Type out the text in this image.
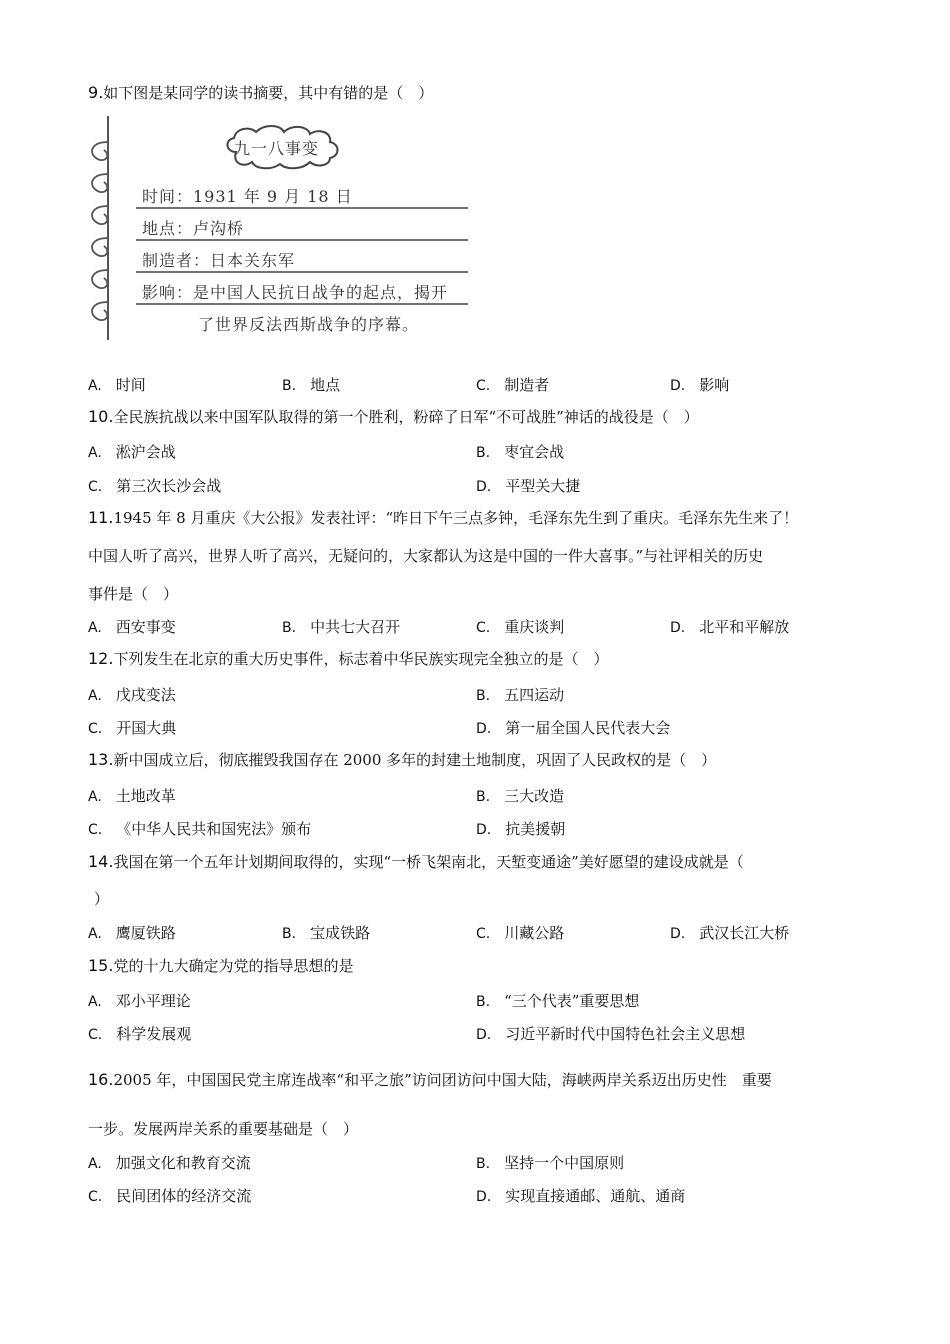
9.如下图是某同学的读书摘要，其中有错的是（　）
九一八事变
时间：1931 年 9 月 18 日
地点：卢沟桥
制造者：日本关东军
影响：是中国人民抗日战争的起点，揭开
了世界反法西斯战争的序幕。
A. 时间	B. 地点	C. 制造者	D. 影响
10.全民族抗战以来中国军队取得的第一个胜利，粉碎了日军“不可战胜”神话的战役是（　）
A. 淞沪会战	B. 枣宜会战
C. 第三次长沙会战	D. 平型关大捷
11.1945 年 8 月重庆《大公报》发表社评：“昨日下午三点多钟，毛泽东先生到了重庆。毛泽东先生来了！
中国人听了高兴，世界人听了高兴，无疑问的，大家都认为这是中国的一件大喜事。”与社评相关的历史
事件是（　）
A. 西安事变	B. 中共七大召开	C. 重庆谈判	D. 北平和平解放
12.下列发生在北京的重大历史事件，标志着中华民族实现完全独立的是（　）
A. 戊戌变法	B. 五四运动
C. 开国大典	D. 第一届全国人民代表大会
13.新中国成立后，彻底摧毁我国存在 2000 多年的封建土地制度，巩固了人民政权的是（　）
A. 土地改革	B. 三大改造
C. 《中华人民共和国宪法》颁布	D. 抗美援朝
14.我国在第一个五年计划期间取得的，实现“一桥飞架南北，天堑变通途”美好愿望的建设成就是（
）
A. 鹰厦铁路	B. 宝成铁路	C. 川藏公路	D. 武汉长江大桥
15.党的十九大确定为党的指导思想的是
A. 邓小平理论	B. “三个代表”重要思想
C. 科学发展观	D. 习近平新时代中国特色社会主义思想
16.2005 年，中国国民党主席连战率“和平之旅”访问团访问中国大陆，海峡两岸关系迈出历史性　重要
一步。发展两岸关系的重要基础是（　）
A. 加强文化和教育交流	B. 坚持一个中国原则
C. 民间团体的经济交流	D. 实现直接通邮、通航、通商
